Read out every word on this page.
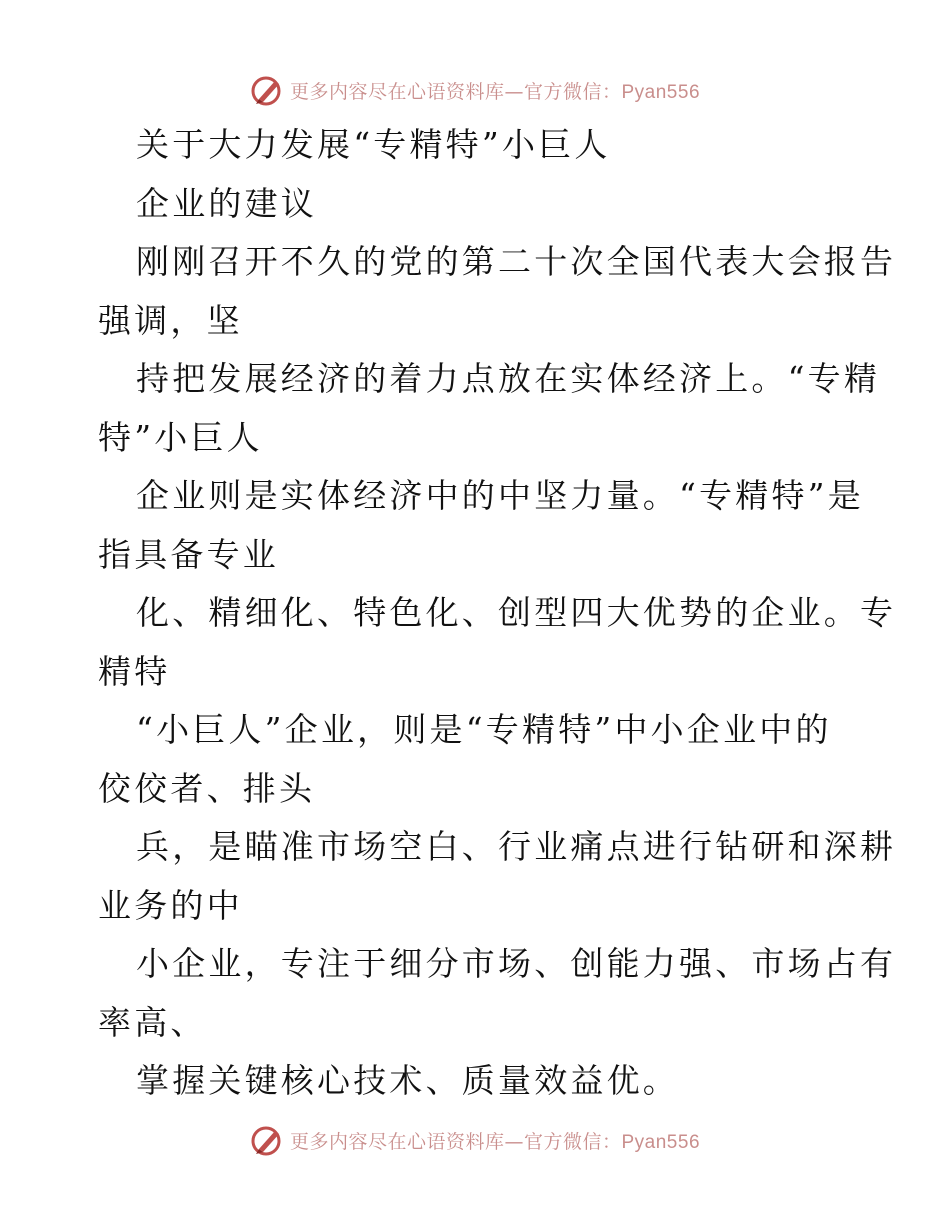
更多内容尽在心语资料库—官方微信：Pyan556
关于大力发展“专精特”小巨人
企业的建议
刚刚召开不久的党的第二十次全国代表大会报告
强调，坚
持把发展经济的着力点放在实体经济上。“专精
特”小巨人
企业则是实体经济中的中坚力量。“专精特”是
指具备专业
化、精细化、特色化、创型四大优势的企业。专
精特
“小巨人”企业，则是“专精特”中小企业中的
佼佼者、排头
兵，是瞄准市场空白、行业痛点进行钻研和深耕
业务的中
小企业，专注于细分市场、创能力强、市场占有
率高、
掌握关键核心技术、质量效益优。
更多内容尽在心语资料库—官方微信：Pyan556
